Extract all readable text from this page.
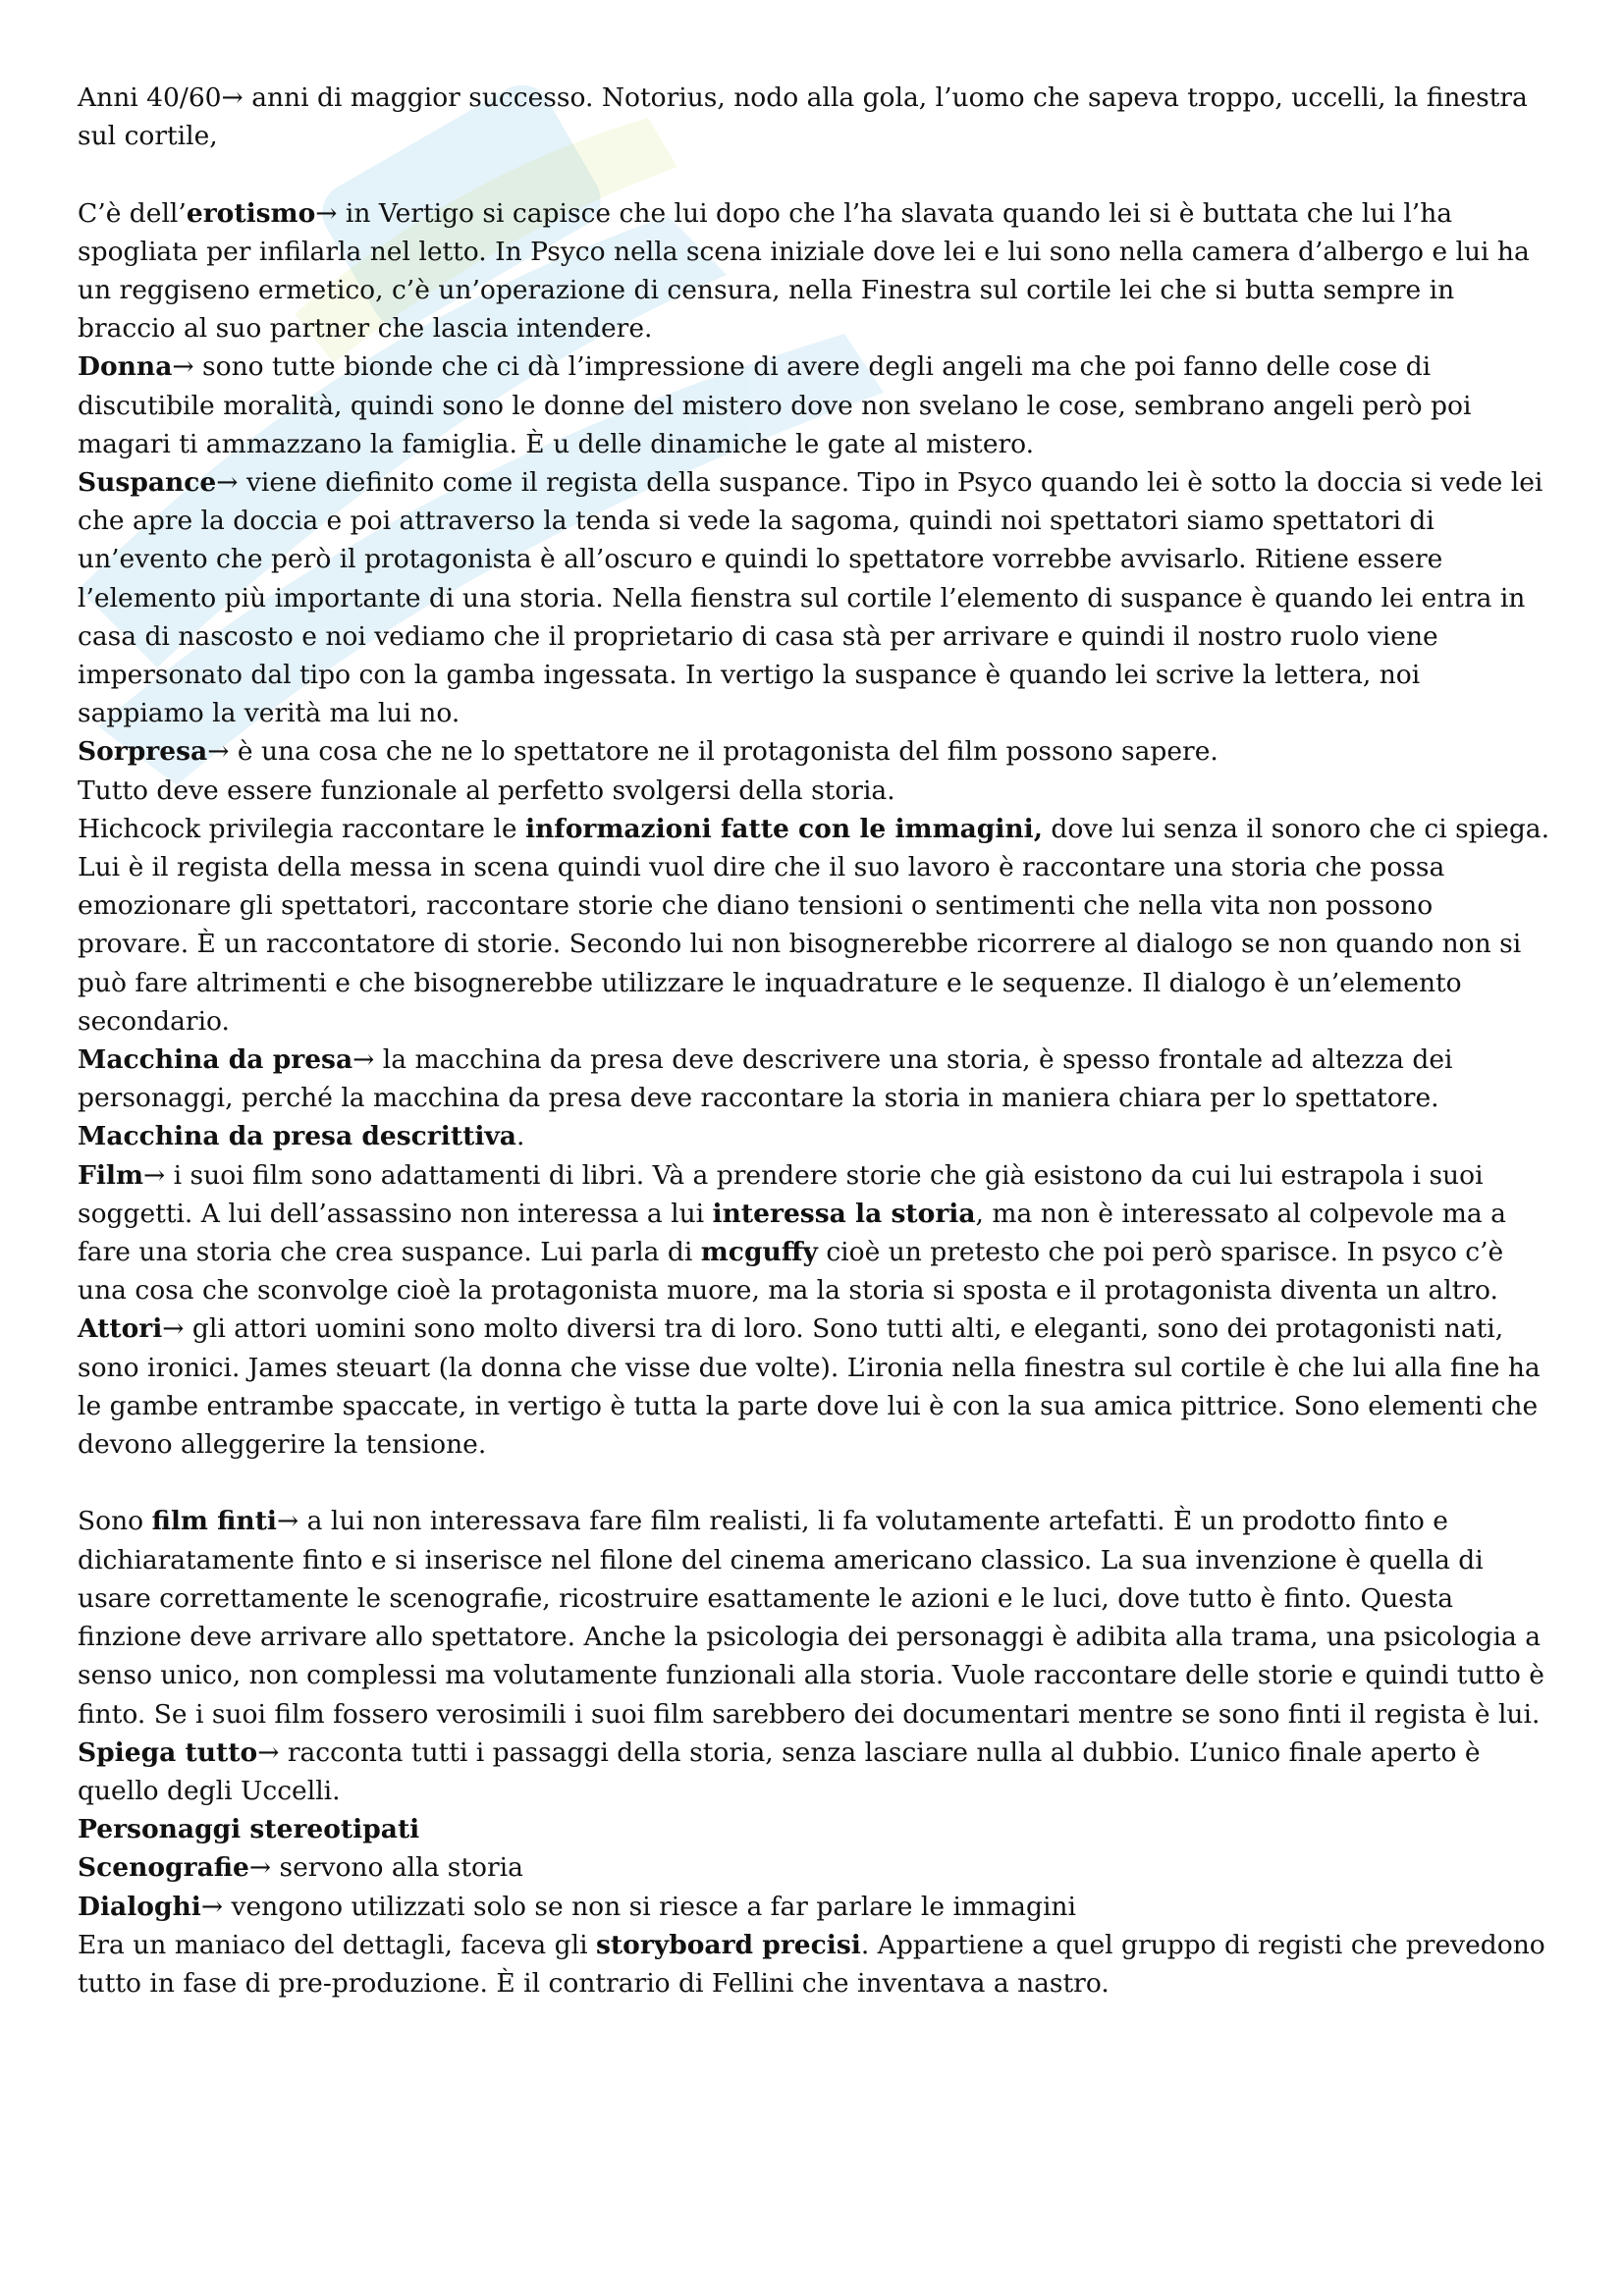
Anni 40/60→ anni di maggior successo. Notorius, nodo alla gola, l’uomo che sapeva troppo, uccelli, la finestra sul cortile,

C’è dell’erotismo→ in Vertigo si capisce che lui dopo che l’ha slavata quando lei si è buttata che lui l’ha spogliata per infilarla nel letto. In Psyco nella scena iniziale dove lei e lui sono nella camera d’albergo e lui ha un reggiseno ermetico, c’è un’operazione di censura, nella Finestra sul cortile lei che si butta sempre in braccio al suo partner che lascia intendere.

Donna→ sono tutte bionde che ci dà l’impressione di avere degli angeli ma che poi fanno delle cose di discutibile moralità, quindi sono le donne del mistero dove non svelano le cose, sembrano angeli però poi magari ti ammazzano la famiglia. È u delle dinamiche le gate al mistero.

Suspance→ viene diefinito come il regista della suspance. Tipo in Psyco quando lei è sotto la doccia si vede lei che apre la doccia e poi attraverso la tenda si vede la sagoma, quindi noi spettatori siamo spettatori di un’evento che però il protagonista è all’oscuro e quindi lo spettatore vorrebbe avvisarlo. Ritiene essere l’elemento più importante di una storia. Nella fienstra sul cortile l’elemento di suspance è quando lei entra in casa di nascosto e noi vediamo che il proprietario di casa stà per arrivare e quindi il nostro ruolo viene impersonato dal tipo con la gamba ingessata. In vertigo la suspance è quando lei scrive la lettera, noi sappiamo la verità ma lui no.

Sorpresa→ è una cosa che ne lo spettatore ne il protagonista del film possono sapere.

Tutto deve essere funzionale al perfetto svolgersi della storia.

Hichcock privilegia raccontare le informazioni fatte con le immagini, dove lui senza il sonoro che ci spiega.

Lui è il regista della messa in scena quindi vuol dire che il suo lavoro è raccontare una storia che possa emozionare gli spettatori, raccontare storie che diano tensioni o sentimenti che nella vita non possono provare. È un raccontatore di storie. Secondo lui non bisognerebbe ricorrere al dialogo se non quando non si può fare altrimenti e che bisognerebbe utilizzare le inquadrature e le sequenze. Il dialogo è un’elemento secondario.

Macchina da presa→ la macchina da presa deve descrivere una storia, è spesso frontale ad altezza dei personaggi, perché la macchina da presa deve raccontare la storia in maniera chiara per lo spettatore.

Macchina da presa descrittiva.

Film→ i suoi film sono adattamenti di libri. Và a prendere storie che già esistono da cui lui estrapola i suoi soggetti. A lui dell’assassino non interessa a lui interessa la storia, ma non è interessato al colpevole ma a fare una storia che crea suspance. Lui parla di mcguffy cioè un pretesto che poi però sparisce. In psyco c’è una cosa che sconvolge cioè la protagonista muore, ma la storia si sposta e il protagonista diventa un altro.

Attori→ gli attori uomini sono molto diversi tra di loro. Sono tutti alti, e eleganti, sono dei protagonisti nati, sono ironici. James steuart (la donna che visse due volte). L’ironia nella finestra sul cortile è che lui alla fine ha le gambe entrambe spaccate, in vertigo è tutta la parte dove lui è con la sua amica pittrice. Sono elementi che devono alleggerire la tensione.

Sono film finti→ a lui non interessava fare film realisti, li fa volutamente artefatti. È un prodotto finto e dichiaratamente finto e si inserisce nel filone del cinema americano classico. La sua invenzione è quella di usare correttamente le scenografie, ricostruire esattamente le azioni e le luci, dove tutto è finto. Questa finzione deve arrivare allo spettatore. Anche la psicologia dei personaggi è adibita alla trama, una psicologia a senso unico, non complessi ma volutamente funzionali alla storia. Vuole raccontare delle storie e quindi tutto è finto. Se i suoi film fossero verosimili i suoi film sarebbero dei documentari mentre se sono finti il regista è lui.

Spiega tutto→ racconta tutti i passaggi della storia, senza lasciare nulla al dubbio. L’unico finale aperto è quello degli Uccelli.

Personaggi stereotipati

Scenografie→ servono alla storia

Dialoghi→ vengono utilizzati solo se non si riesce a far parlare le immagini

Era un maniaco del dettagli, faceva gli storyboard precisi. Appartiene a quel gruppo di registi che prevedono tutto in fase di pre-produzione. È il contrario di Fellini che inventava a nastro.
